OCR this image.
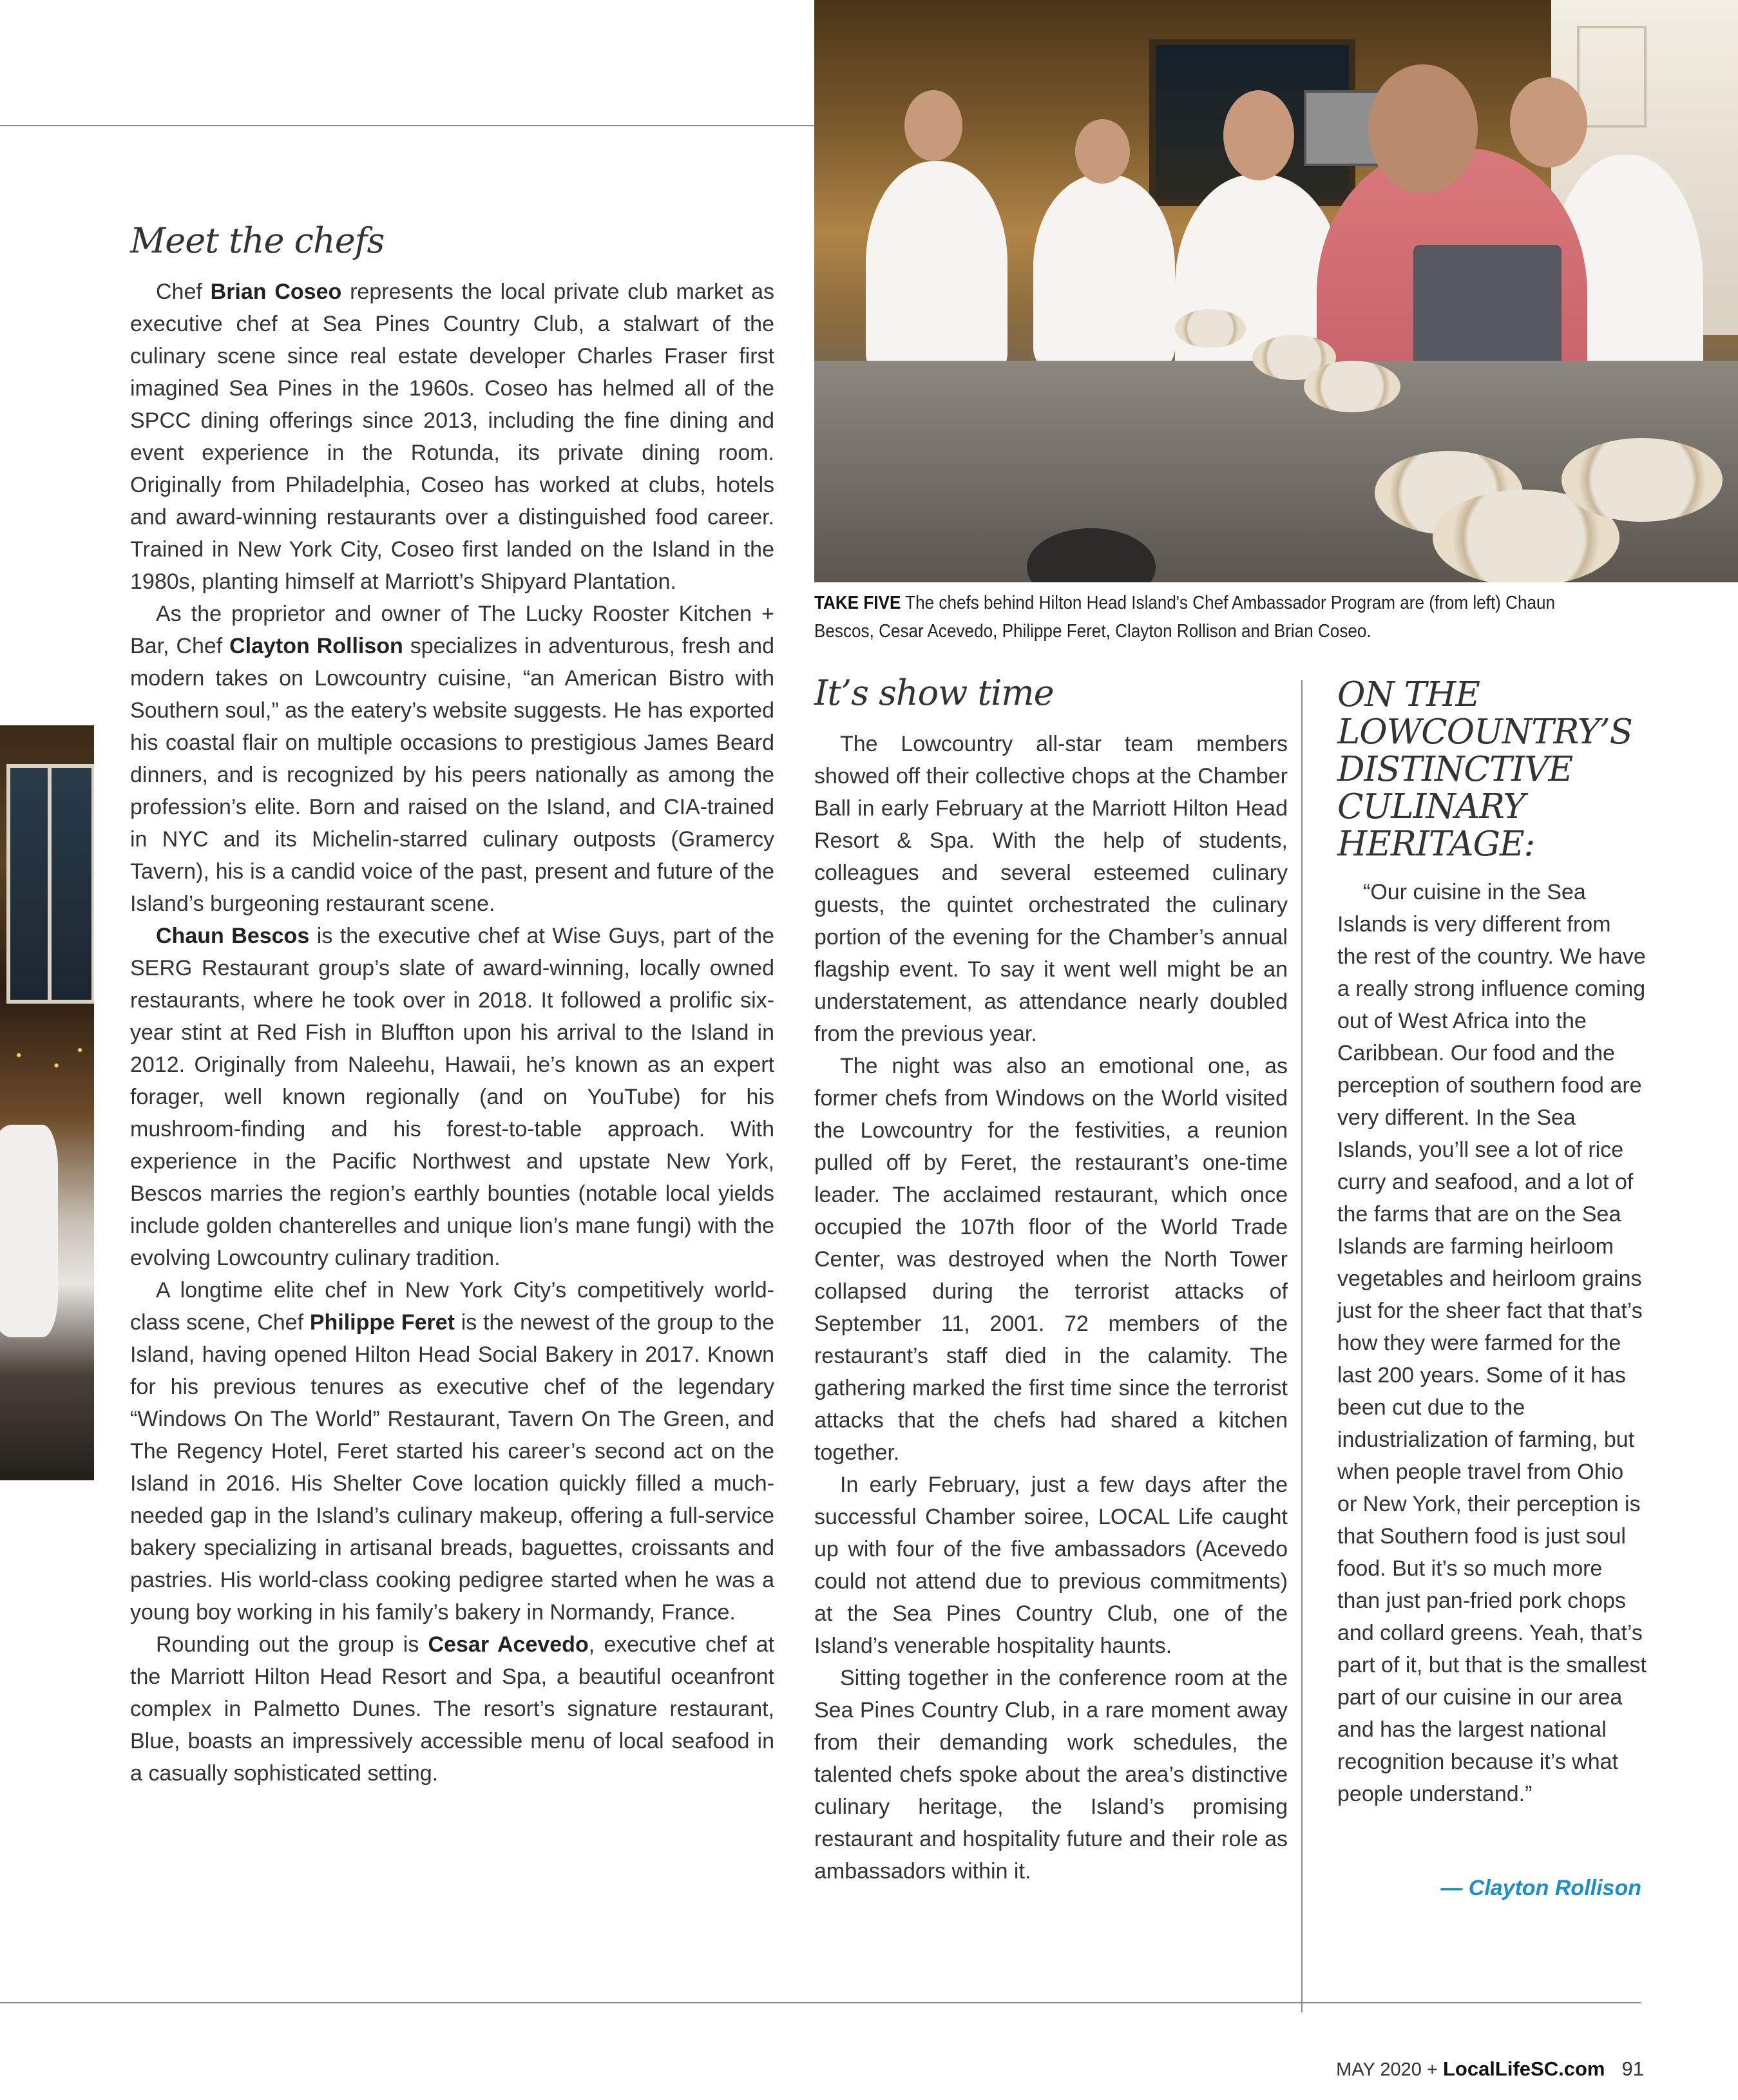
TAKE FIVE The chefs behind Hilton Head Island's Chef Ambassador Program are (from left) Chaun Bescos, Cesar Acevedo, Philippe Feret, Clayton Rollison and Brian Coseo.
Meet the chefs

Chef Brian Coseo represents the local private club market as executive chef at Sea Pines Country Club, a stalwart of the culinary scene since real estate developer Charles Fraser first imagined Sea Pines in the 1960s. Coseo has helmed all of the SPCC dining offerings since 2013, including the fine dining and event experience in the Rotunda, its private dining room. Originally from Philadelphia, Coseo has worked at clubs, hotels and award-winning restaurants over a distinguished food career. Trained in New York City, Coseo first landed on the Island in the 1980s, planting himself at Marriott’s Shipyard Plantation.

As the proprietor and owner of The Lucky Rooster Kitchen + Bar, Chef Clayton Rollison specializes in adventurous, fresh and modern takes on Lowcountry cuisine, “an American Bistro with Southern soul,” as the eatery’s website suggests. He has exported his coastal flair on multiple occasions to prestigious James Beard dinners, and is recognized by his peers nationally as among the profession’s elite. Born and raised on the Island, and CIA-trained in NYC and its Michelin-starred culinary outposts (Gramercy Tavern), his is a candid voice of the past, present and future of the Island’s burgeoning restaurant scene.

Chaun Bescos is the executive chef at Wise Guys, part of the SERG Restaurant group’s slate of award-winning, locally owned restaurants, where he took over in 2018. It followed a prolific six-year stint at Red Fish in Bluffton upon his arrival to the Island in 2012. Originally from Naleehu, Hawaii, he’s known as an expert forager, well known regionally (and on YouTube) for his mushroom-finding and his forest-to-table approach. With experience in the Pacific Northwest and upstate New York, Bescos marries the region’s earthly bounties (notable local yields include golden chanterelles and unique lion’s mane fungi) with the evolving Lowcountry culinary tradition.

A longtime elite chef in New York City’s competitively world-class scene, Chef Philippe Feret is the newest of the group to the Island, having opened Hilton Head Social Bakery in 2017. Known for his previous tenures as executive chef of the legendary “Windows On The World” Restaurant, Tavern On The Green, and The Regency Hotel, Feret started his career’s second act on the Island in 2016. His Shelter Cove location quickly filled a much-needed gap in the Island’s culinary makeup, offering a full-service bakery specializing in artisanal breads, baguettes, croissants and pastries. His world-class cooking pedigree started when he was a young boy working in his family’s bakery in Normandy, France.

Rounding out the group is Cesar Acevedo, executive chef at the Marriott Hilton Head Resort and Spa, a beautiful oceanfront complex in Palmetto Dunes. The resort’s signature restaurant, Blue, boasts an impressively accessible menu of local seafood in a casually sophisticated setting.

It’s show time

The Lowcountry all-star team members showed off their collective chops at the Chamber Ball in early February at the Marriott Hilton Head Resort & Spa. With the help of students, colleagues and several esteemed culinary guests, the quintet orchestrated the culinary portion of the evening for the Chamber’s annual flagship event. To say it went well might be an understatement, as attendance nearly doubled from the previous year.

The night was also an emotional one, as former chefs from Windows on the World visited the Lowcountry for the festivities, a reunion pulled off by Feret, the restaurant’s one-time leader. The acclaimed restaurant, which once occupied the 107th floor of the World Trade Center, was destroyed when the North Tower collapsed during the terrorist attacks of September 11, 2001. 72 members of the restaurant’s staff died in the calamity. The gathering marked the first time since the terrorist attacks that the chefs had shared a kitchen together.

In early February, just a few days after the successful Chamber soiree, LOCAL Life caught up with four of the five ambassadors (Acevedo could not attend due to previous commitments) at the Sea Pines Country Club, one of the Island’s venerable hospitality haunts.

Sitting together in the conference room at the Sea Pines Country Club, in a rare moment away from their demanding work schedules, the talented chefs spoke about the area’s distinctive culinary heritage, the Island’s promising restaurant and hospitality future and their role as ambassadors within it.

ON THE LOWCOUNTRY’S DISTINCTIVE CULINARY HERITAGE:

“Our cuisine in the Sea Islands is very different from the rest of the country. We have a really strong influence coming out of West Africa into the Caribbean. Our food and the perception of southern food are very different. In the Sea Islands, you’ll see a lot of rice curry and seafood, and a lot of the farms that are on the Sea Islands are farming heirloom vegetables and heirloom grains just for the sheer fact that that’s how they were farmed for the last 200 years. Some of it has been cut due to the industrialization of farming, but when people travel from Ohio or New York, their perception is that Southern food is just soul food. But it’s so much more than just pan-fried pork chops and collard greens. Yeah, that’s part of it, but that is the smallest part of our cuisine in our area and has the largest national recognition because it’s what people understand.”

— Clayton Rollison
MAY 2020 + LocalLifeSC.com 91
